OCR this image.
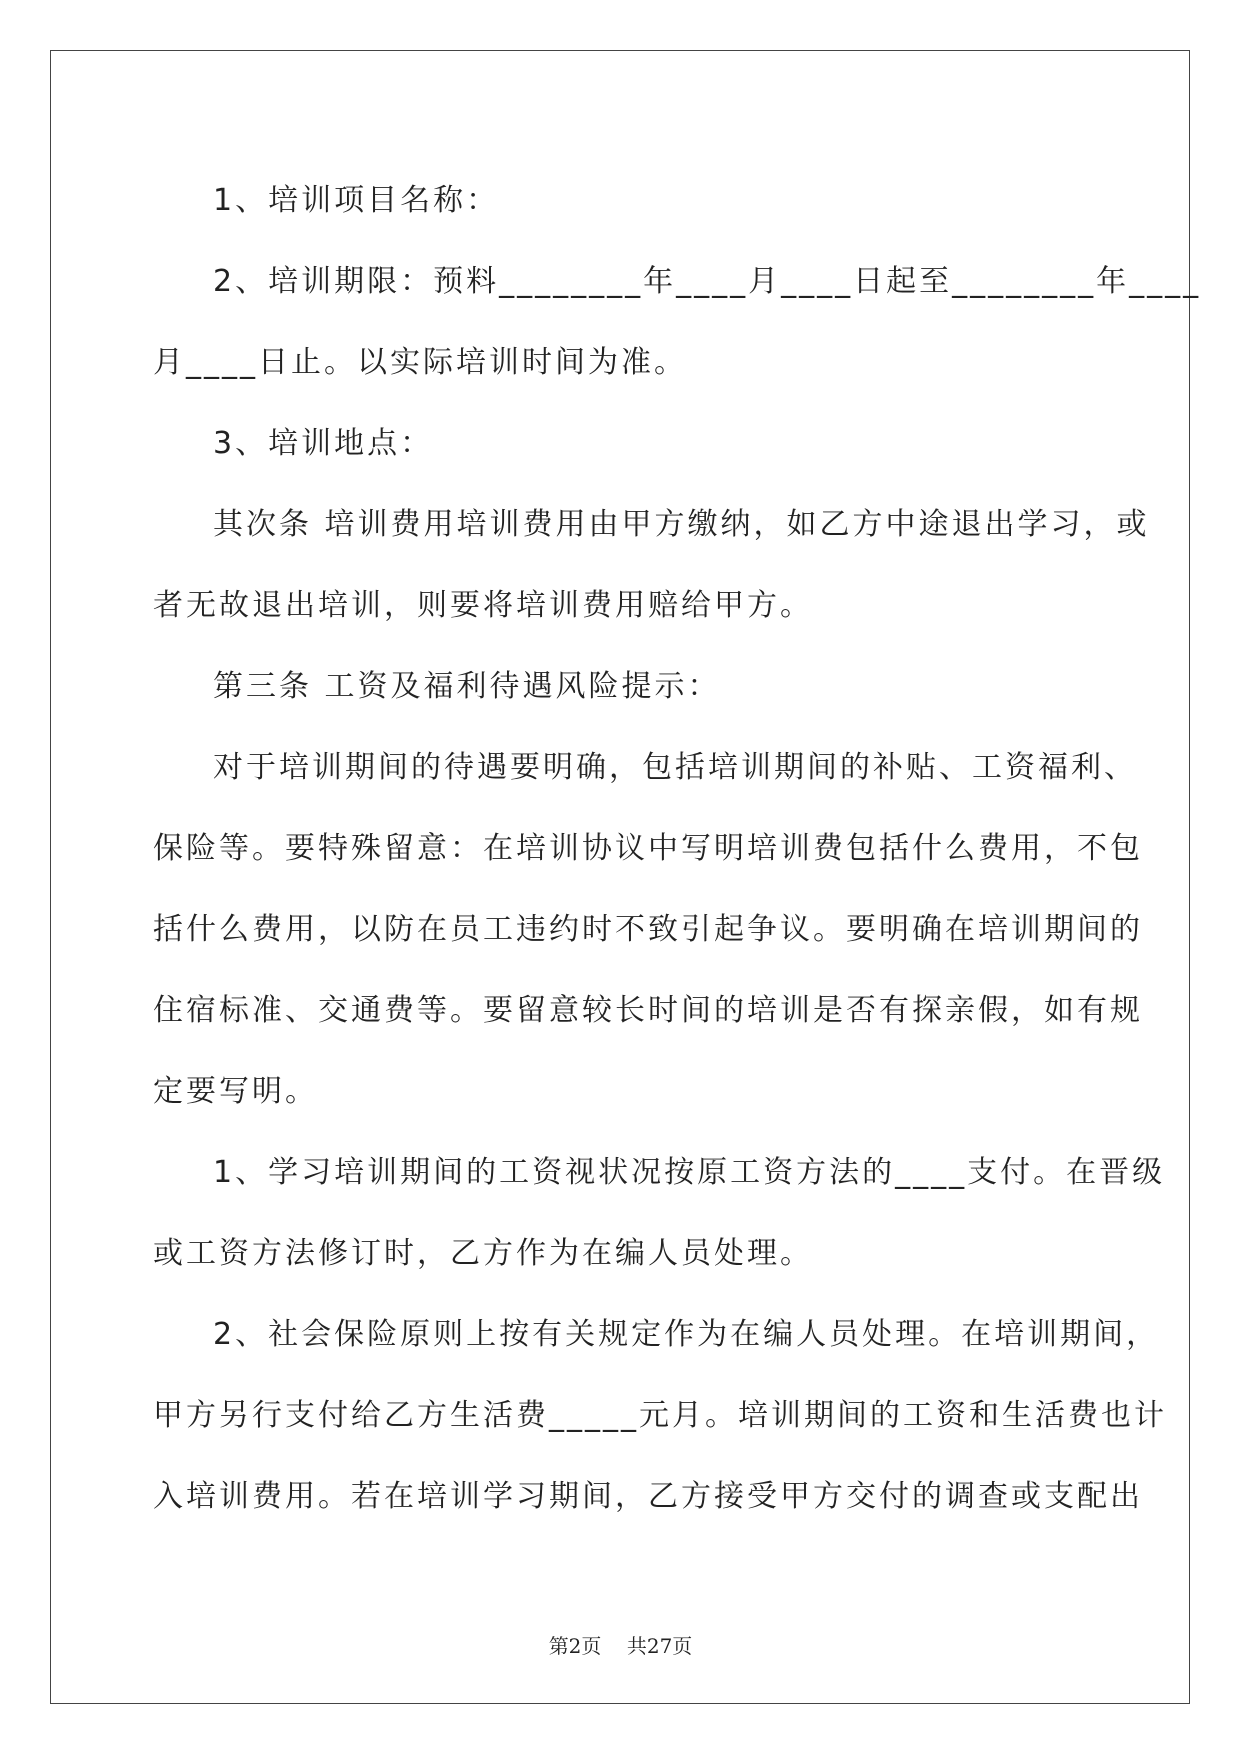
1、培训项目名称：

2、培训期限：预料________年____月____日起至________年____

月____日止。以实际培训时间为准。

3、培训地点：

其次条 培训费用培训费用由甲方缴纳，如乙方中途退出学习，或

者无故退出培训，则要将培训费用赔给甲方。

第三条 工资及福利待遇风险提示：

对于培训期间的待遇要明确，包括培训期间的补贴、工资福利、

保险等。要特殊留意：在培训协议中写明培训费包括什么费用，不包

括什么费用，以防在员工违约时不致引起争议。要明确在培训期间的

住宿标准、交通费等。要留意较长时间的培训是否有探亲假，如有规

定要写明。

1、学习培训期间的工资视状况按原工资方法的____支付。在晋级

或工资方法修订时，乙方作为在编人员处理。

2、社会保险原则上按有关规定作为在编人员处理。在培训期间，

甲方另行支付给乙方生活费_____元月。培训期间的工资和生活费也计

入培训费用。若在培训学习期间，乙方接受甲方交付的调查或支配出

第2页 共27页
